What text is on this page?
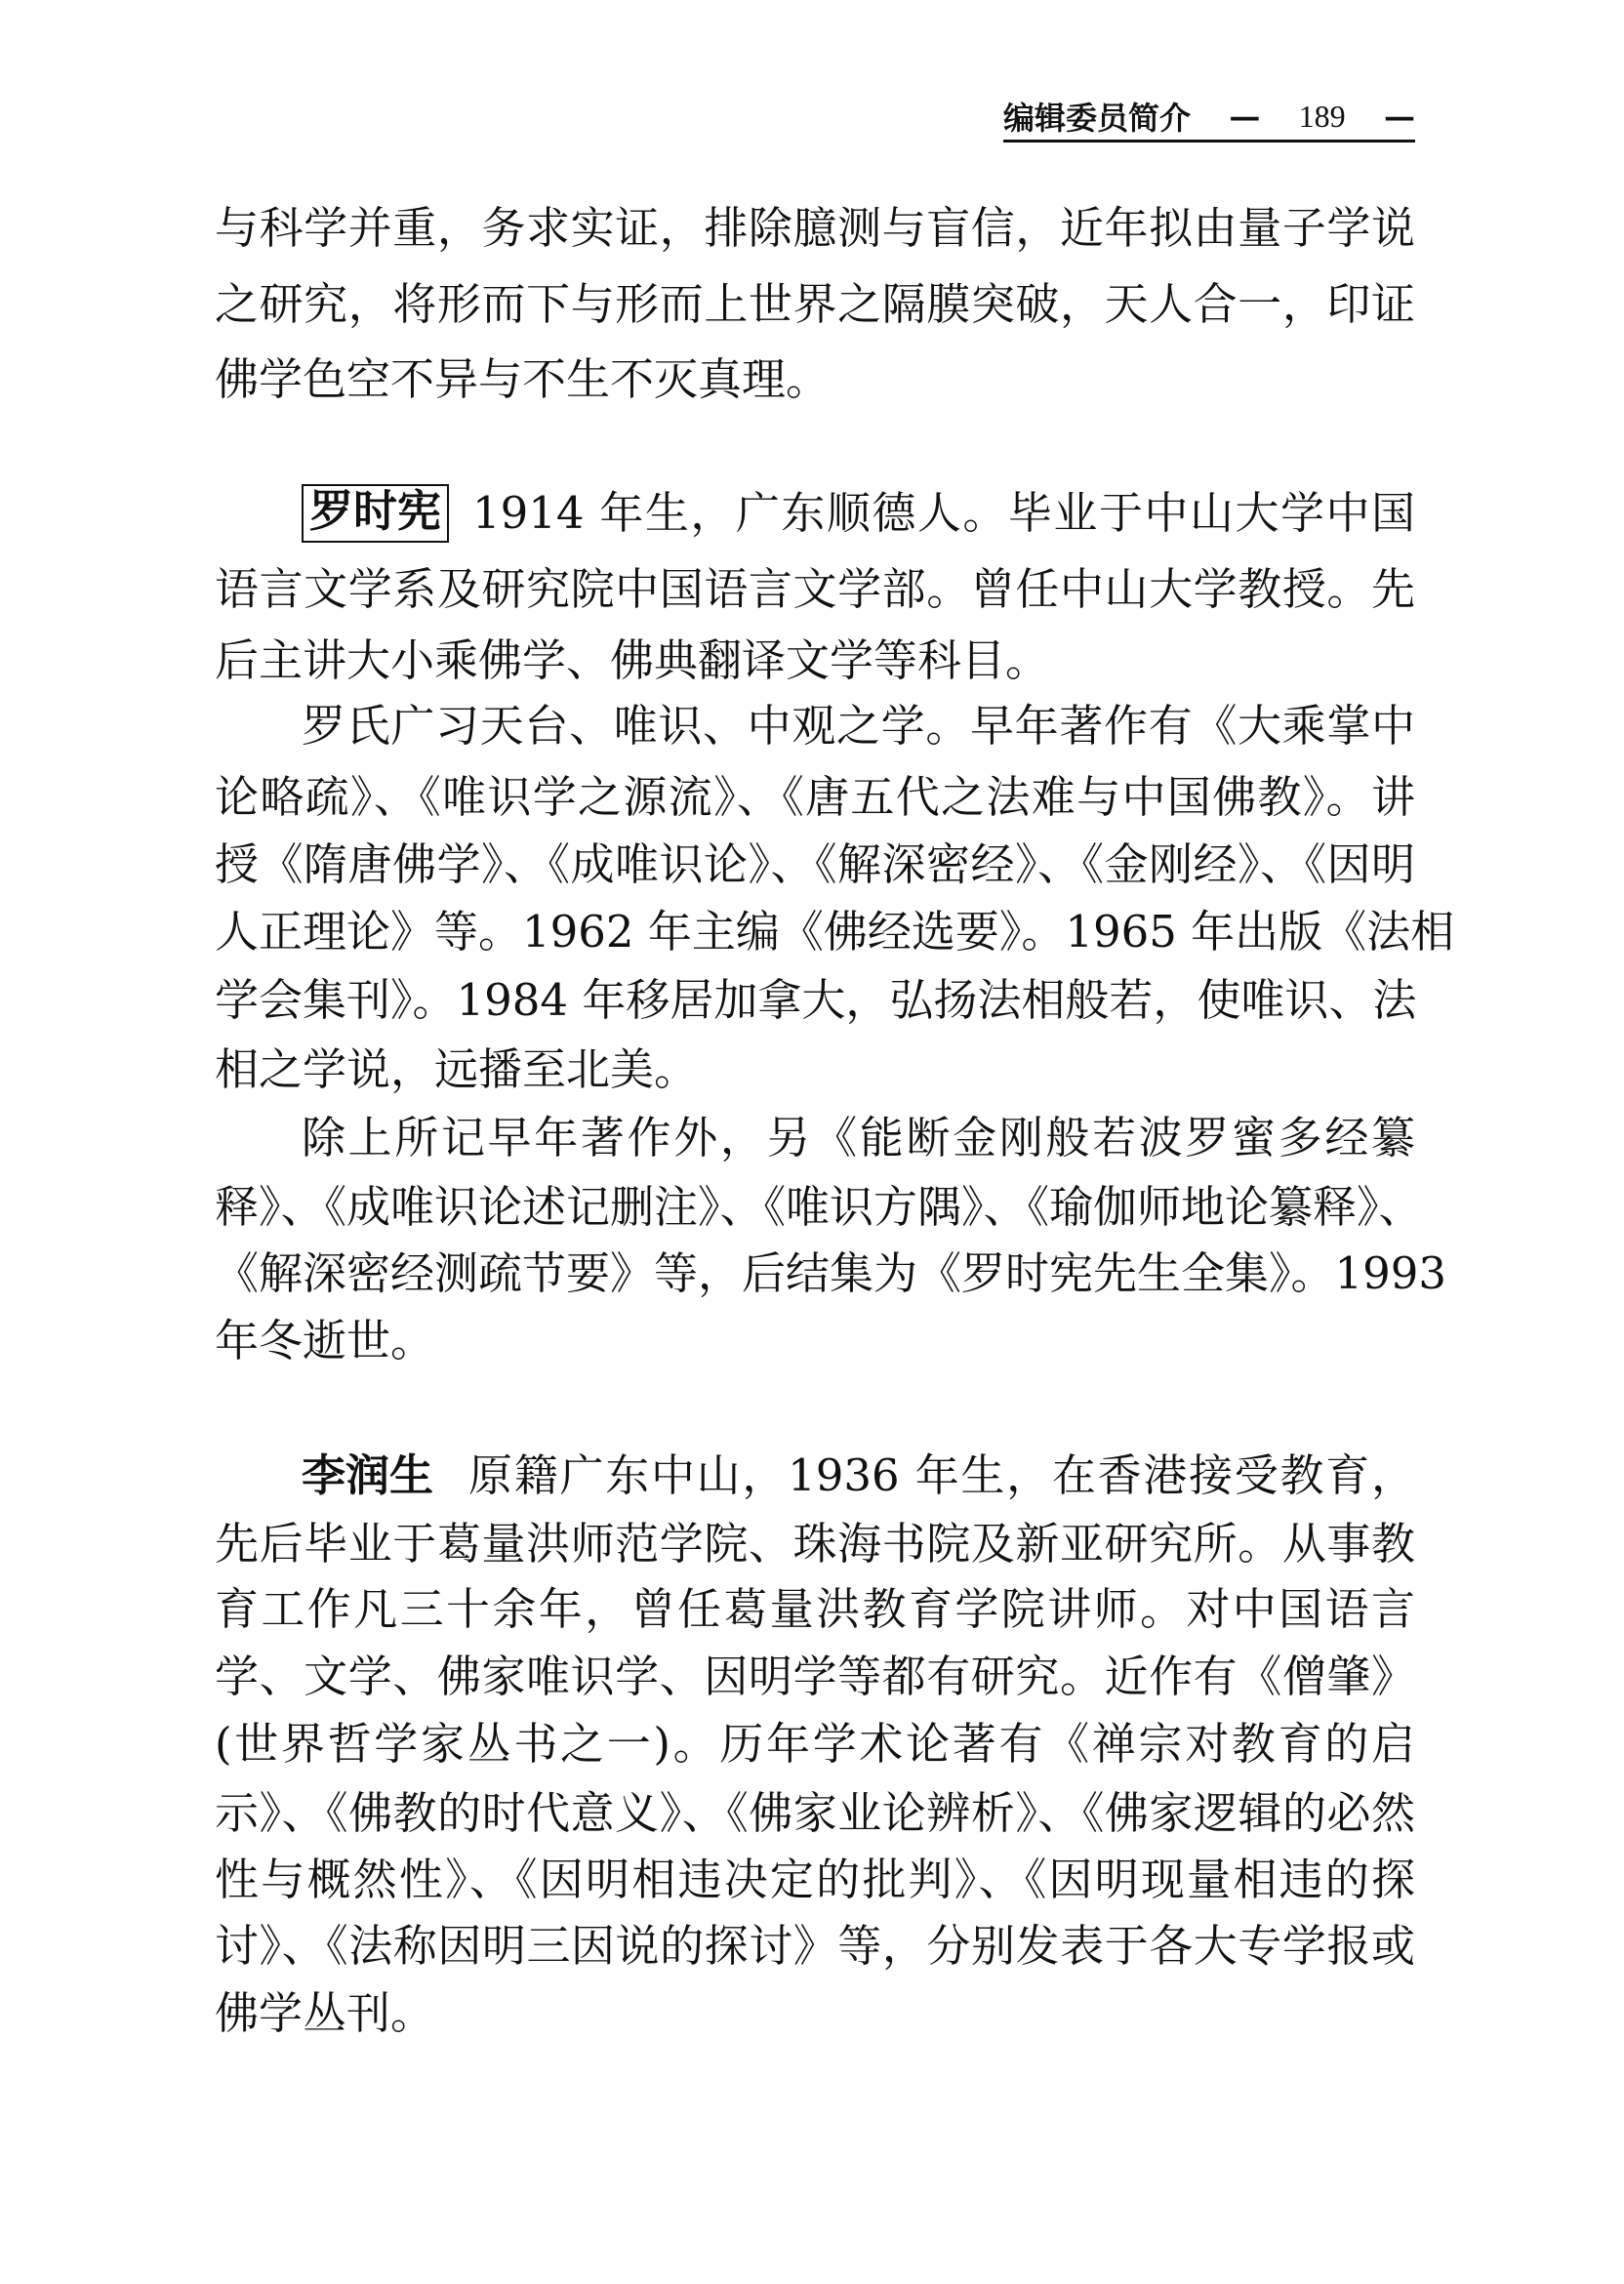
编辑委员简介 — 189 —
与科学并重，务求实证，排除臆测与盲信，近年拟由量子学说
之研究，将形而下与形而上世界之隔膜突破，天人合一，印证
佛学色空不异与不生不灭真理。
罗时宪 1914 年生，广东顺德人。毕业于中山大学中国
语言文学系及研究院中国语言文学部。曾任中山大学教授。先
后主讲大小乘佛学、佛典翻译文学等科目。
罗氏广习天台、唯识、中观之学。早年著作有《大乘掌中
论略疏》、《唯识学之源流》、《唐五代之法难与中国佛教》。讲
授《隋唐佛学》、《成唯识论》、《解深密经》、《金刚经》、《因明
人正理论》等。1962 年主编《佛经选要》。1965 年出版《法相
学会集刊》。1984 年移居加拿大，弘扬法相般若，使唯识、法
相之学说，远播至北美。
除上所记早年著作外，另《能断金刚般若波罗蜜多经纂
释》、《成唯识论述记删注》、《唯识方隅》、《瑜伽师地论纂释》、
《解深密经测疏节要》等，后结集为《罗时宪先生全集》。1993
年冬逝世。
李润生 原籍广东中山，1936 年生，在香港接受教育，
先后毕业于葛量洪师范学院、珠海书院及新亚研究所。从事教
育工作凡三十余年，曾任葛量洪教育学院讲师。对中国语言
学、文学、佛家唯识学、因明学等都有研究。近作有《僧肇》
(世界哲学家丛书之一)。历年学术论著有《禅宗对教育的启
示》、《佛教的时代意义》、《佛家业论辨析》、《佛家逻辑的必然
性与概然性》、《因明相违决定的批判》、《因明现量相违的探
讨》、《法称因明三因说的探讨》等，分别发表于各大专学报或
佛学丛刊。
